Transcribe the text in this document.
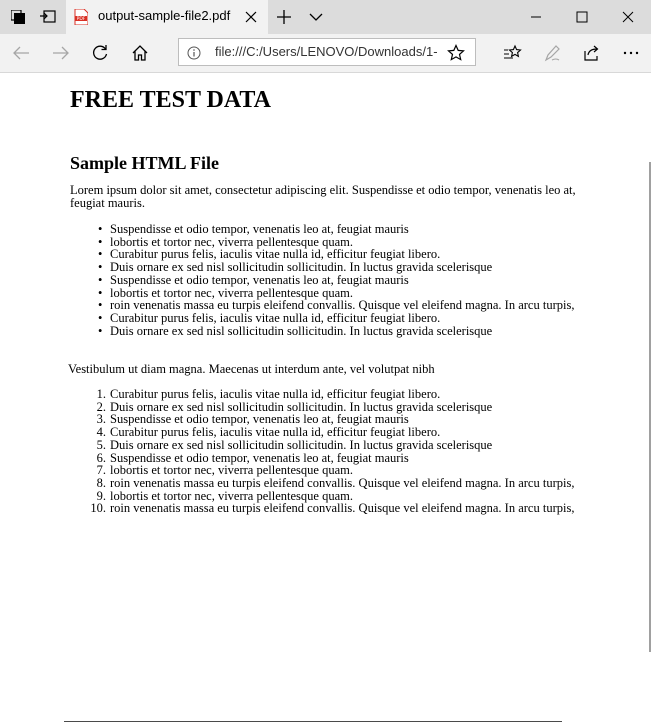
PDF output-sample-file2.pdf
file:///C:/Users/LENOVO/Downloads/1-
FREE TEST DATA
Sample HTML File
Lorem ipsum dolor sit amet, consectetur adipiscing elit. Suspendisse et odio tempor, venenatis leo at, feugiat mauris.
• Suspendisse et odio tempor, venenatis leo at, feugiat mauris
• lobortis et tortor nec, viverra pellentesque quam.
• Curabitur purus felis, iaculis vitae nulla id, efficitur feugiat libero.
• Duis ornare ex sed nisl sollicitudin sollicitudin. In luctus gravida scelerisque
• Suspendisse et odio tempor, venenatis leo at, feugiat mauris
• lobortis et tortor nec, viverra pellentesque quam.
• roin venenatis massa eu turpis eleifend convallis. Quisque vel eleifend magna. In arcu turpis,
• Curabitur purus felis, iaculis vitae nulla id, efficitur feugiat libero.
• Duis ornare ex sed nisl sollicitudin sollicitudin. In luctus gravida scelerisque
Vestibulum ut diam magna. Maecenas ut interdum ante, vel volutpat nibh
1. Curabitur purus felis, iaculis vitae nulla id, efficitur feugiat libero.
2. Duis ornare ex sed nisl sollicitudin sollicitudin. In luctus gravida scelerisque
3. Suspendisse et odio tempor, venenatis leo at, feugiat mauris
4. Curabitur purus felis, iaculis vitae nulla id, efficitur feugiat libero.
5. Duis ornare ex sed nisl sollicitudin sollicitudin. In luctus gravida scelerisque
6. Suspendisse et odio tempor, venenatis leo at, feugiat mauris
7. lobortis et tortor nec, viverra pellentesque quam.
8. roin venenatis massa eu turpis eleifend convallis. Quisque vel eleifend magna. In arcu turpis,
9. lobortis et tortor nec, viverra pellentesque quam.
10. roin venenatis massa eu turpis eleifend convallis. Quisque vel eleifend magna. In arcu turpis,
